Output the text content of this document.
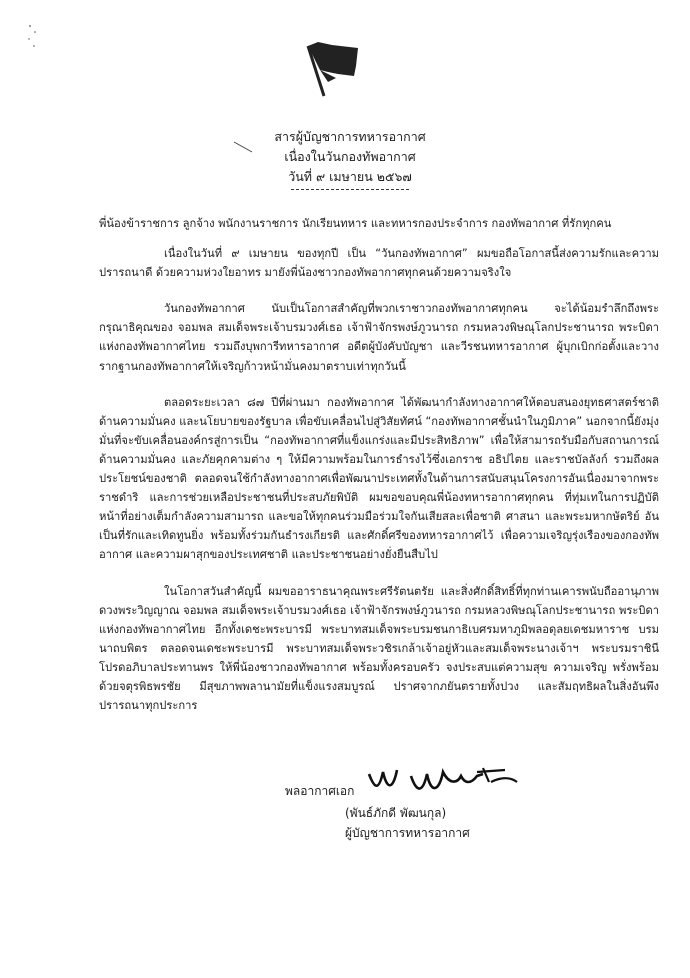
สารผู้บัญชาการทหารอากาศ
เนื่องในวันกองทัพอากาศ
วันที่ ๙ เมษายน ๒๕๖๗

พี่น้องข้าราชการ ลูกจ้าง พนักงานราชการ นักเรียนทหาร และทหารกองประจำการ กองทัพอากาศ ที่รักทุกคน

เนื่องในวันที่ ๙ เมษายน ของทุกปี เป็น “วันกองทัพอากาศ” ผมขอถือโอกาสนี้ส่งความรักและความปรารถนาดี ด้วยความห่วงใยอาทร มายังพี่น้องชาวกองทัพอากาศทุกคนด้วยความจริงใจ

วันกองทัพอากาศ นับเป็นโอกาสสำคัญที่พวกเราชาวกองทัพอากาศทุกคน จะได้น้อมรำลึกถึงพระกรุณาธิคุณของ จอมพล สมเด็จพระเจ้าบรมวงศ์เธอ เจ้าฟ้าจักรพงษ์ภูวนารถ กรมหลวงพิษณุโลกประชานารถ พระบิดาแห่งกองทัพอากาศไทย รวมถึงบุพการีทหารอากาศ อดีตผู้บังคับบัญชา และวีรชนทหารอากาศ ผู้บุกเบิกก่อตั้งและวางรากฐานกองทัพอากาศให้เจริญก้าวหน้ามั่นคงมาตราบเท่าทุกวันนี้

ตลอดระยะเวลา ๘๗ ปีที่ผ่านมา กองทัพอากาศ ได้พัฒนากำลังทางอากาศให้ตอบสนองยุทธศาสตร์ชาติด้านความมั่นคง และนโยบายของรัฐบาล เพื่อขับเคลื่อนไปสู่วิสัยทัศน์ “กองทัพอากาศชั้นนำในภูมิภาค” นอกจากนี้ยังมุ่งมั่นที่จะขับเคลื่อนองค์กรสู่การเป็น “กองทัพอากาศที่แข็งแกร่งและมีประสิทธิภาพ” เพื่อให้สามารถรับมือกับสถานการณ์ด้านความมั่นคง และภัยคุกคามต่าง ๆ ให้มีความพร้อมในการธำรงไว้ซึ่งเอกราช อธิปไตย และราชบัลลังก์ รวมถึงผลประโยชน์ของชาติ ตลอดจนใช้กำลังทางอากาศเพื่อพัฒนาประเทศทั้งในด้านการสนับสนุนโครงการอันเนื่องมาจากพระราชดำริ และการช่วยเหลือประชาชนที่ประสบภัยพิบัติ ผมขอขอบคุณพี่น้องทหารอากาศทุกคน ที่ทุ่มเทในการปฏิบัติหน้าที่อย่างเต็มกำลังความสามารถ และขอให้ทุกคนร่วมมือร่วมใจกันเสียสละเพื่อชาติ ศาสนา และพระมหากษัตริย์ อันเป็นที่รักและเทิดทูนยิ่ง พร้อมทั้งร่วมกันธำรงเกียรติ และศักดิ์ศรีของทหารอากาศไว้ เพื่อความเจริญรุ่งเรืองของกองทัพอากาศ และความผาสุกของประเทศชาติ และประชาชนอย่างยั่งยืนสืบไป

ในโอกาสวันสำคัญนี้ ผมขออาราธนาคุณพระศรีรัตนตรัย และสิ่งศักดิ์สิทธิ์ที่ทุกท่านเคารพนับถืออานุภาพดวงพระวิญญาณ จอมพล สมเด็จพระเจ้าบรมวงศ์เธอ เจ้าฟ้าจักรพงษ์ภูวนารถ กรมหลวงพิษณุโลกประชานารถ พระบิดาแห่งกองทัพอากาศไทย อีกทั้งเดชะพระบารมี พระบาทสมเด็จพระบรมชนกาธิเบศรมหาภูมิพลอดุลยเดชมหาราช บรมนาถบพิตร ตลอดจนเดชะพระบารมี พระบาทสมเด็จพระวชิรเกล้าเจ้าอยู่หัวและสมเด็จพระนางเจ้าฯ พระบรมราชินี โปรดอภิบาลประทานพร ให้พี่น้องชาวกองทัพอากาศ พร้อมทั้งครอบครัว จงประสบแต่ความสุข ความเจริญ พรั่งพร้อมด้วยจตุรพิธพรชัย มีสุขภาพพลานามัยที่แข็งแรงสมบูรณ์ ปราศจากภยันตรายทั้งปวง และสัมฤทธิผลในสิ่งอันพึงปรารถนาทุกประการ

พลอากาศเอก
(พันธ์ภักดี พัฒนกุล)
ผู้บัญชาการทหารอากาศ
